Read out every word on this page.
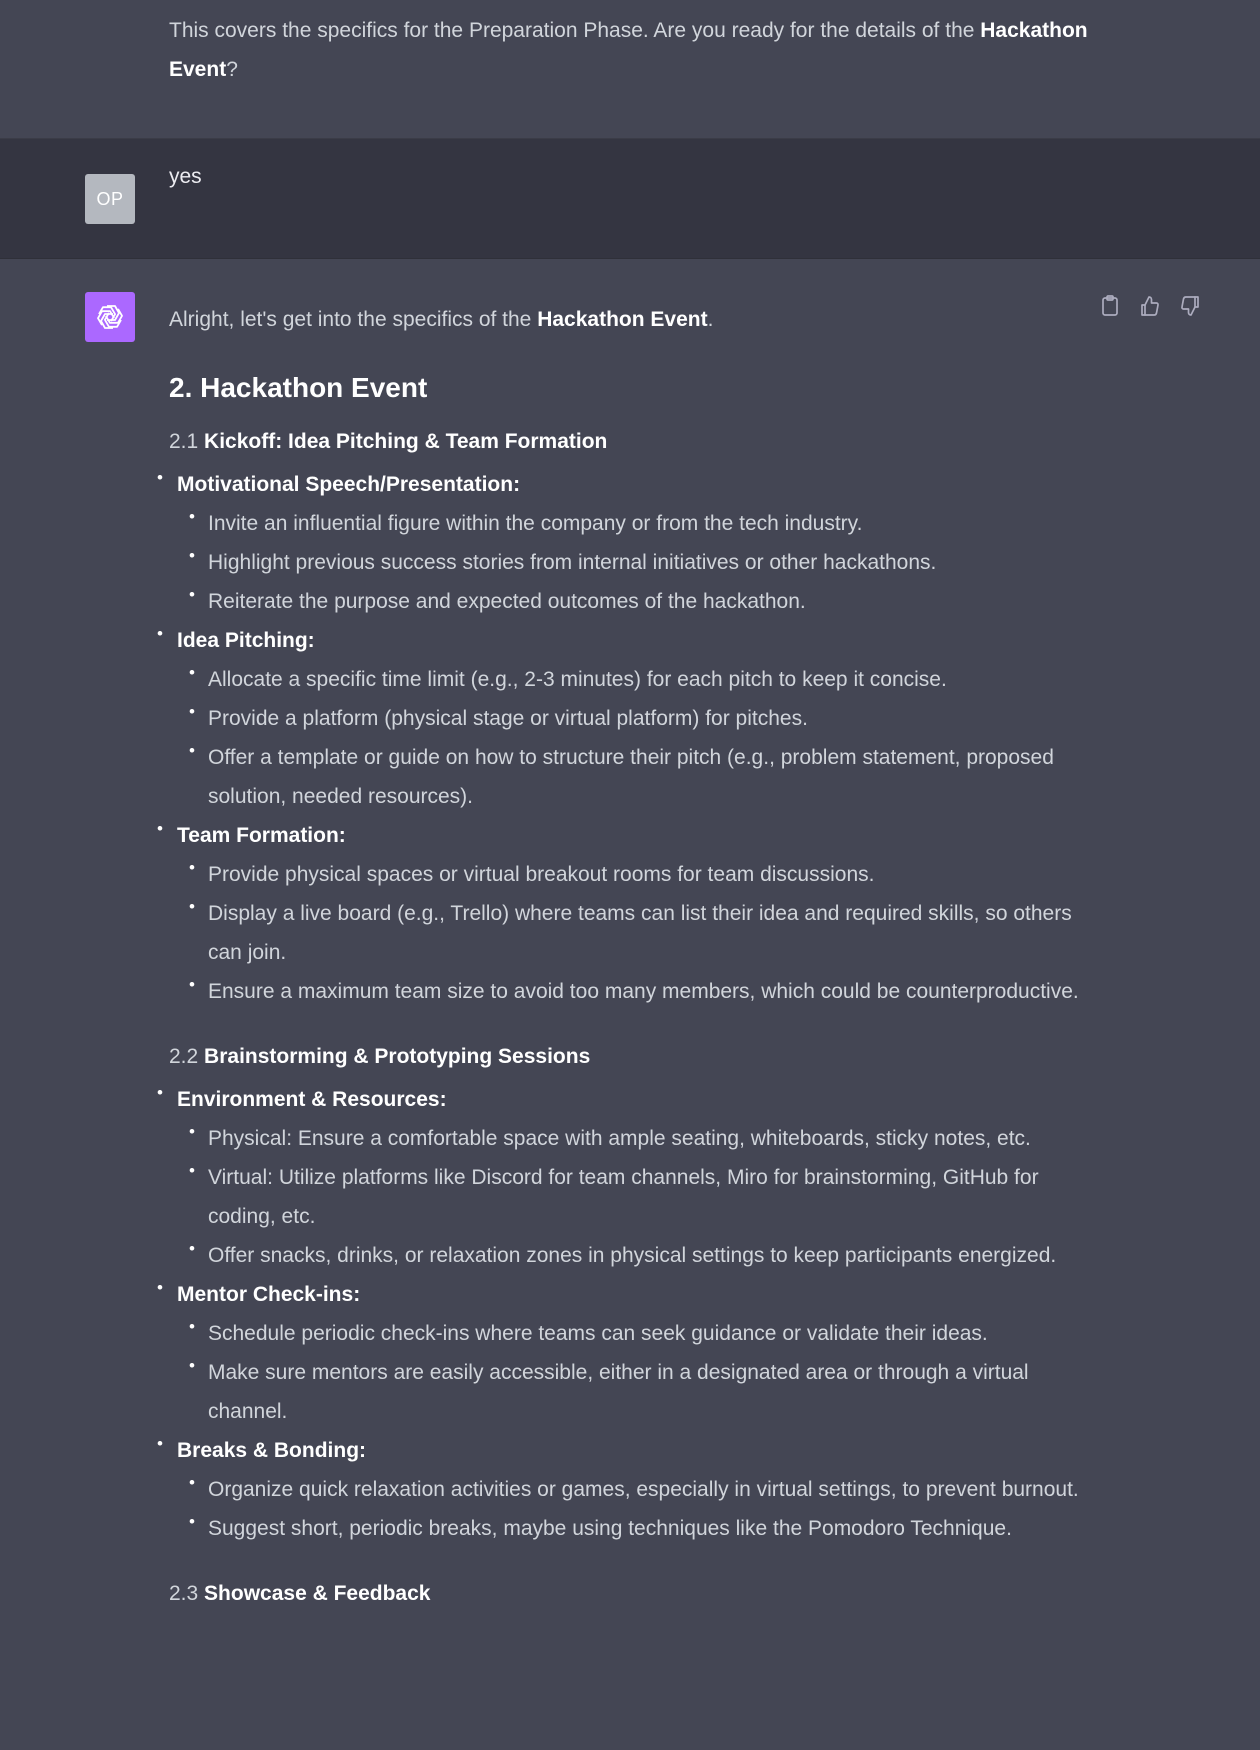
This covers the specifics for the Preparation Phase. Are you ready for the details of the Hackathon Event?
OP
yes

Alright, let's get into the specifics of the Hackathon Event.

2. Hackathon Event
2.1 Kickoff: Idea Pitching & Team Formation
• Motivational Speech/Presentation:
• Invite an influential figure within the company or from the tech industry.
• Highlight previous success stories from internal initiatives or other hackathons.
• Reiterate the purpose and expected outcomes of the hackathon.
• Idea Pitching:
• Allocate a specific time limit (e.g., 2-3 minutes) for each pitch to keep it concise.
• Provide a platform (physical stage or virtual platform) for pitches.
• Offer a template or guide on how to structure their pitch (e.g., problem statement, proposed solution, needed resources).
• Team Formation:
• Provide physical spaces or virtual breakout rooms for team discussions.
• Display a live board (e.g., Trello) where teams can list their idea and required skills, so others can join.
• Ensure a maximum team size to avoid too many members, which could be counterproductive.
2.2 Brainstorming & Prototyping Sessions
• Environment & Resources:
• Physical: Ensure a comfortable space with ample seating, whiteboards, sticky notes, etc.
• Virtual: Utilize platforms like Discord for team channels, Miro for brainstorming, GitHub for coding, etc.
• Offer snacks, drinks, or relaxation zones in physical settings to keep participants energized.
• Mentor Check-ins:
• Schedule periodic check-ins where teams can seek guidance or validate their ideas.
• Make sure mentors are easily accessible, either in a designated area or through a virtual channel.
• Breaks & Bonding:
• Organize quick relaxation activities or games, especially in virtual settings, to prevent burnout.
• Suggest short, periodic breaks, maybe using techniques like the Pomodoro Technique.
2.3 Showcase & Feedback
